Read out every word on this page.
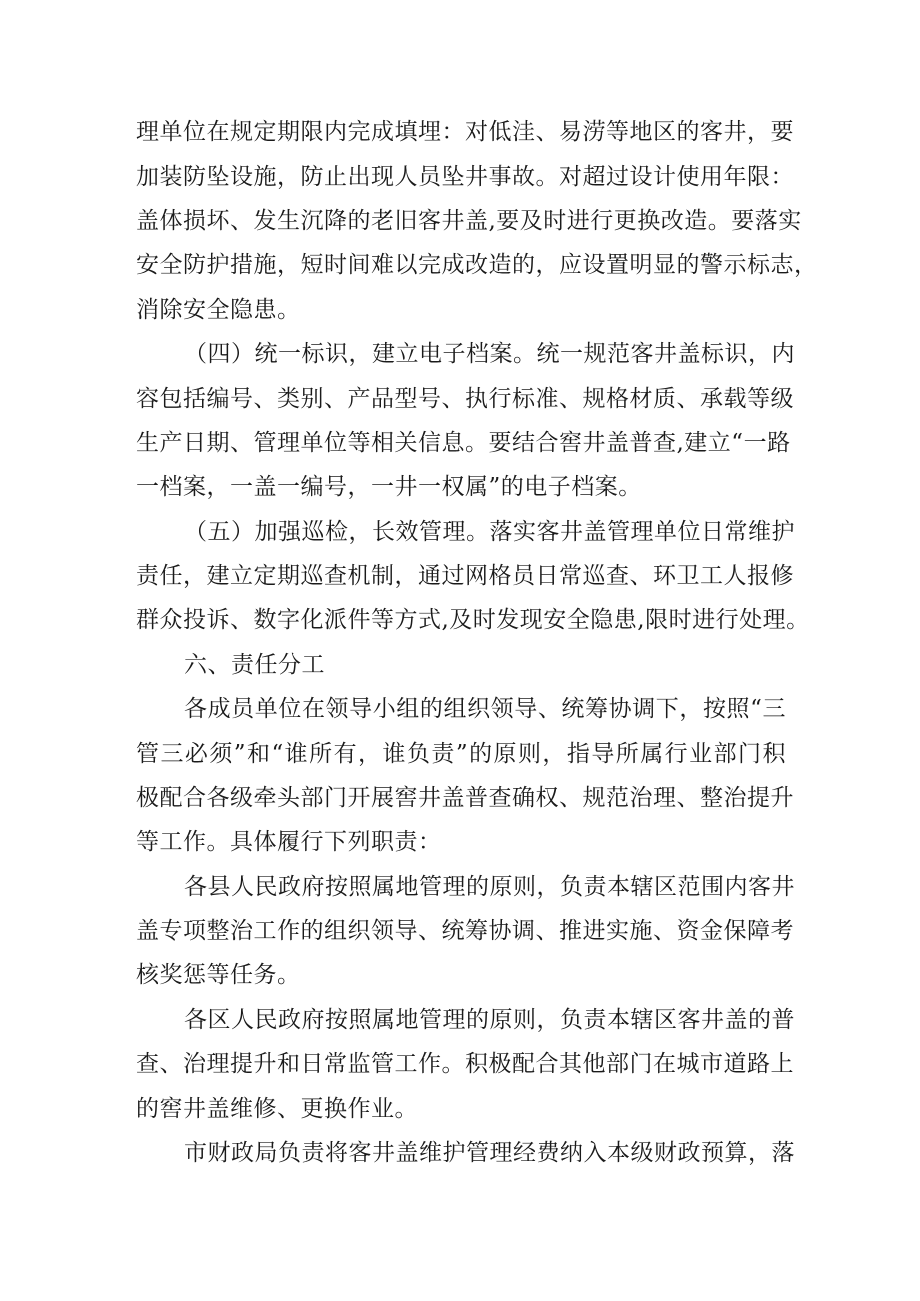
理单位在规定期限内完成填埋：对低洼、易涝等地区的客井，要
加装防坠设施，防止出现人员坠井事故。对超过设计使用年限：
盖体损坏、发生沉降的老旧客井盖,要及时进行更换改造。要落实
安全防护措施，短时间难以完成改造的，应设置明显的警示标志，
消除安全隐患。
（四）统一标识，建立电子档案。统一规范客井盖标识，内
容包括编号、类别、产品型号、执行标准、规格材质、承载等级
生产日期、管理单位等相关信息。要结合窖井盖普查,建立“一路
一档案，一盖一编号，一井一权属”的电子档案。
（五）加强巡检，长效管理。落实客井盖管理单位日常维护
责任，建立定期巡查机制，通过网格员日常巡查、环卫工人报修
群众投诉、数字化派件等方式,及时发现安全隐患,限时进行处理。
六、责任分工
各成员单位在领导小组的组织领导、统筹协调下，按照“三
管三必须”和“谁所有，谁负责”的原则，指导所属行业部门积
极配合各级牵头部门开展窖井盖普查确权、规范治理、整治提升
等工作。具体履行下列职责：
各县人民政府按照属地管理的原则，负责本辖区范围内客井
盖专项整治工作的组织领导、统筹协调、推进实施、资金保障考
核奖惩等任务。
各区人民政府按照属地管理的原则，负责本辖区客井盖的普
查、治理提升和日常监管工作。积极配合其他部门在城市道路上
的窖井盖维修、更换作业。
市财政局负责将客井盖维护管理经费纳入本级财政预算，落
